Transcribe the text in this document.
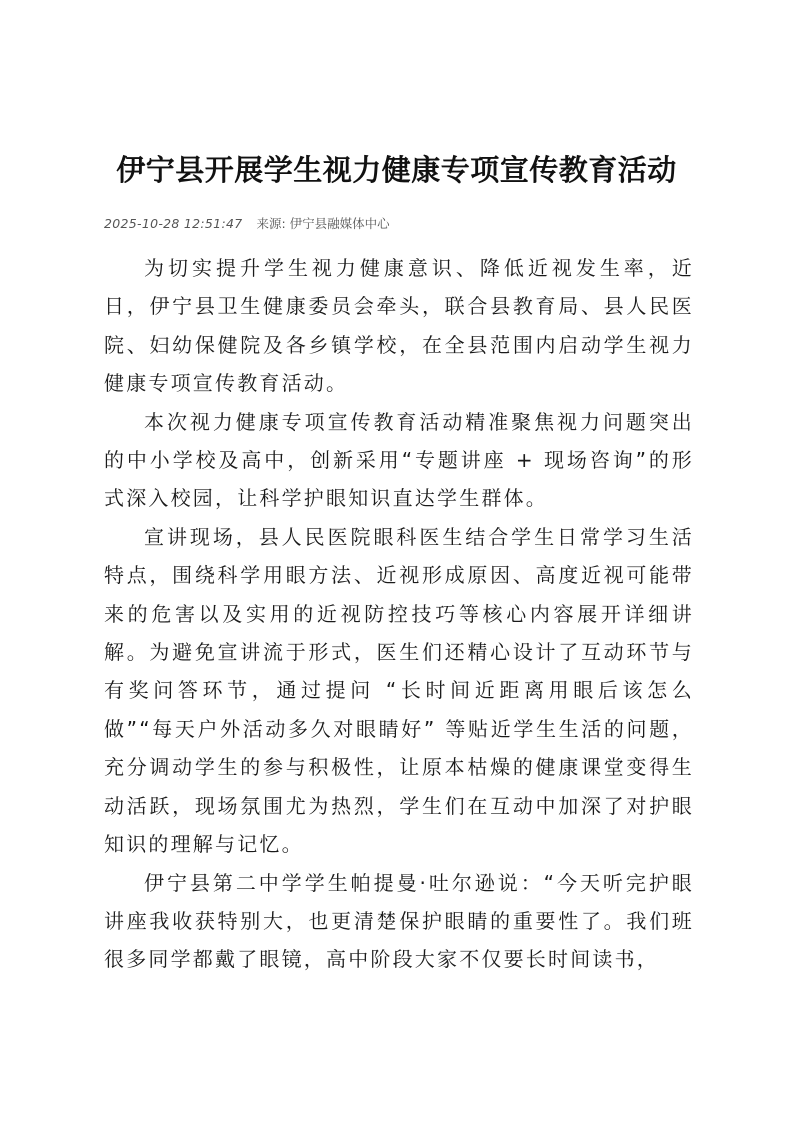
伊宁县开展学生视力健康专项宣传教育活动
2025-10-28 12:51:47 来源: 伊宁县融媒体中心

为切实提升学生视力健康意识、降低近视发生率，近日，伊宁县卫生健康委员会牵头，联合县教育局、县人民医院、妇幼保健院及各乡镇学校，在全县范围内启动学生视力健康专项宣传教育活动。

本次视力健康专项宣传教育活动精准聚焦视力问题突出的中小学校及高中，创新采用“专题讲座 + 现场咨询”的形式深入校园，让科学护眼知识直达学生群体。

宣讲现场，县人民医院眼科医生结合学生日常学习生活特点，围绕科学用眼方法、近视形成原因、高度近视可能带来的危害以及实用的近视防控技巧等核心内容展开详细讲解。为避免宣讲流于形式，医生们还精心设计了互动环节与有奖问答环节，通过提问 “长时间近距离用眼后该怎么做”“每天户外活动多久对眼睛好” 等贴近学生生活的问题，充分调动学生的参与积极性，让原本枯燥的健康课堂变得生动活跃，现场氛围尤为热烈，学生们在互动中加深了对护眼知识的理解与记忆。

伊宁县第二中学学生帕提曼·吐尔逊说：“今天听完护眼讲座我收获特别大，也更清楚保护眼睛的重要性了。我们班很多同学都戴了眼镜，高中阶段大家不仅要长时间读书，
